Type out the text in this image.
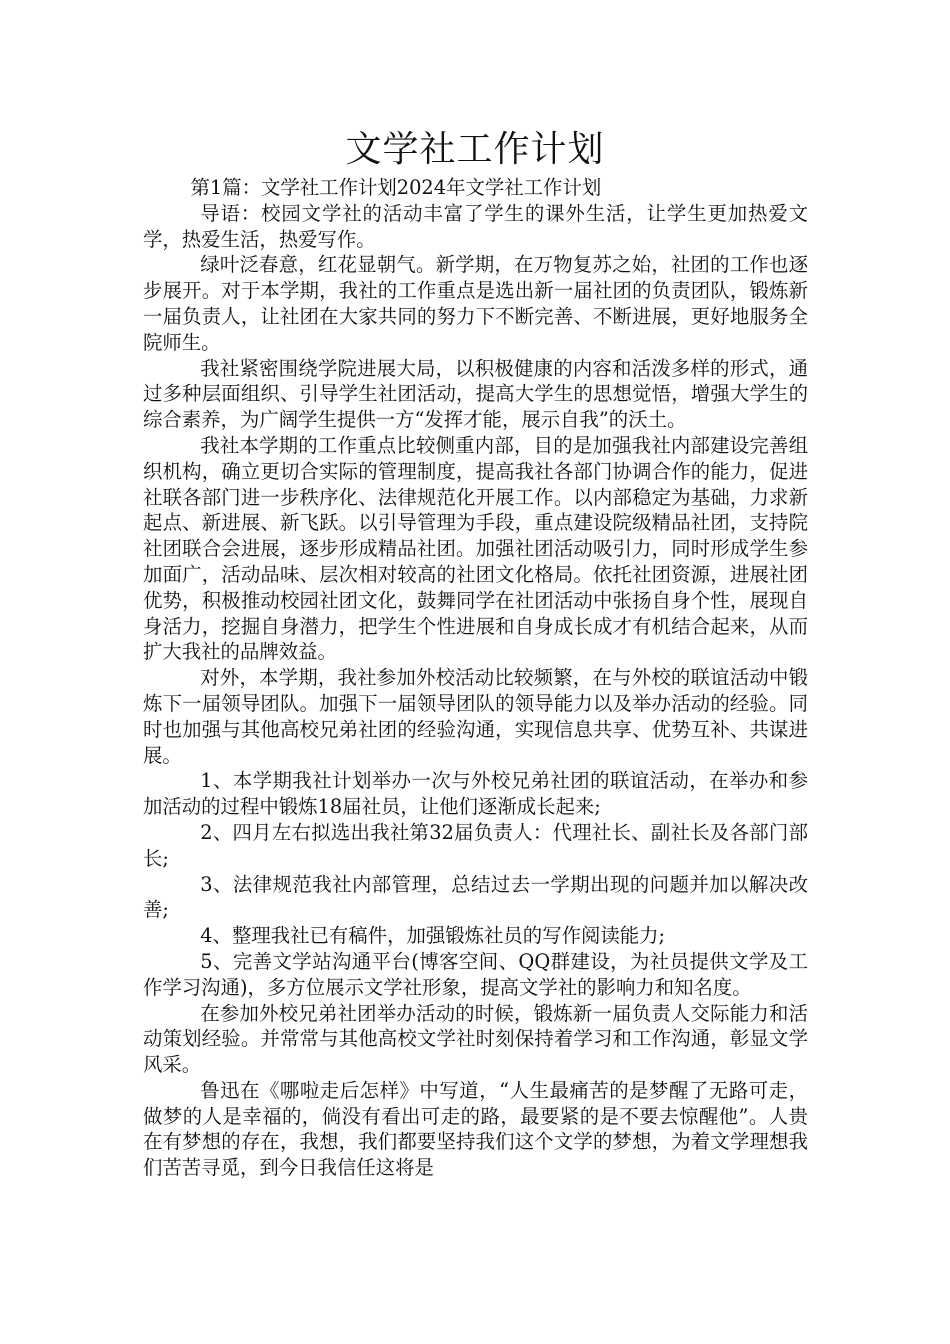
文学社工作计划

第1篇：文学社工作计划2024年文学社工作计划

导语：校园文学社的活动丰富了学生的课外生活，让学生更加热爱文学，热爱生活，热爱写作。

绿叶泛春意，红花显朝气。新学期，在万物复苏之始，社团的工作也逐步展开。对于本学期，我社的工作重点是选出新一届社团的负责团队，锻炼新一届负责人，让社团在大家共同的努力下不断完善、不断进展，更好地服务全院师生。

我社紧密围绕学院进展大局，以积极健康的内容和活泼多样的形式，通过多种层面组织、引导学生社团活动，提高大学生的思想觉悟，增强大学生的综合素养，为广阔学生提供一方“发挥才能，展示自我”的沃土。

我社本学期的工作重点比较侧重内部，目的是加强我社内部建设完善组织机构，确立更切合实际的管理制度，提高我社各部门协调合作的能力，促进社联各部门进一步秩序化、法律规范化开展工作。以内部稳定为基础，力求新起点、新进展、新飞跃。以引导管理为手段，重点建设院级精品社团，支持院社团联合会进展，逐步形成精品社团。加强社团活动吸引力，同时形成学生参加面广，活动品味、层次相对较高的社团文化格局。依托社团资源，进展社团优势，积极推动校园社团文化，鼓舞同学在社团活动中张扬自身个性，展现自身活力，挖掘自身潜力，把学生个性进展和自身成长成才有机结合起来，从而扩大我社的品牌效益。

对外，本学期，我社参加外校活动比较频繁，在与外校的联谊活动中锻炼下一届领导团队。加强下一届领导团队的领导能力以及举办活动的经验。同时也加强与其他高校兄弟社团的经验沟通，实现信息共享、优势互补、共谋进展。

1、本学期我社计划举办一次与外校兄弟社团的联谊活动，在举办和参加活动的过程中锻炼18届社员，让他们逐渐成长起来;

2、四月左右拟选出我社第32届负责人：代理社长、副社长及各部门部长;

3、法律规范我社内部管理，总结过去一学期出现的问题并加以解决改善;

4、整理我社已有稿件，加强锻炼社员的写作阅读能力;

5、完善文学站沟通平台(博客空间、QQ群建设，为社员提供文学及工作学习沟通)，多方位展示文学社形象，提高文学社的影响力和知名度。

在参加外校兄弟社团举办活动的时候，锻炼新一届负责人交际能力和活动策划经验。并常常与其他高校文学社时刻保持着学习和工作沟通，彰显文学风采。

鲁迅在《哪啦走后怎样》中写道，“人生最痛苦的是梦醒了无路可走，做梦的人是幸福的，倘没有看出可走的路，最要紧的是不要去惊醒他”。人贵在有梦想的存在，我想，我们都要坚持我们这个文学的梦想，为着文学理想我们苦苦寻觅，到今日我信任这将是
